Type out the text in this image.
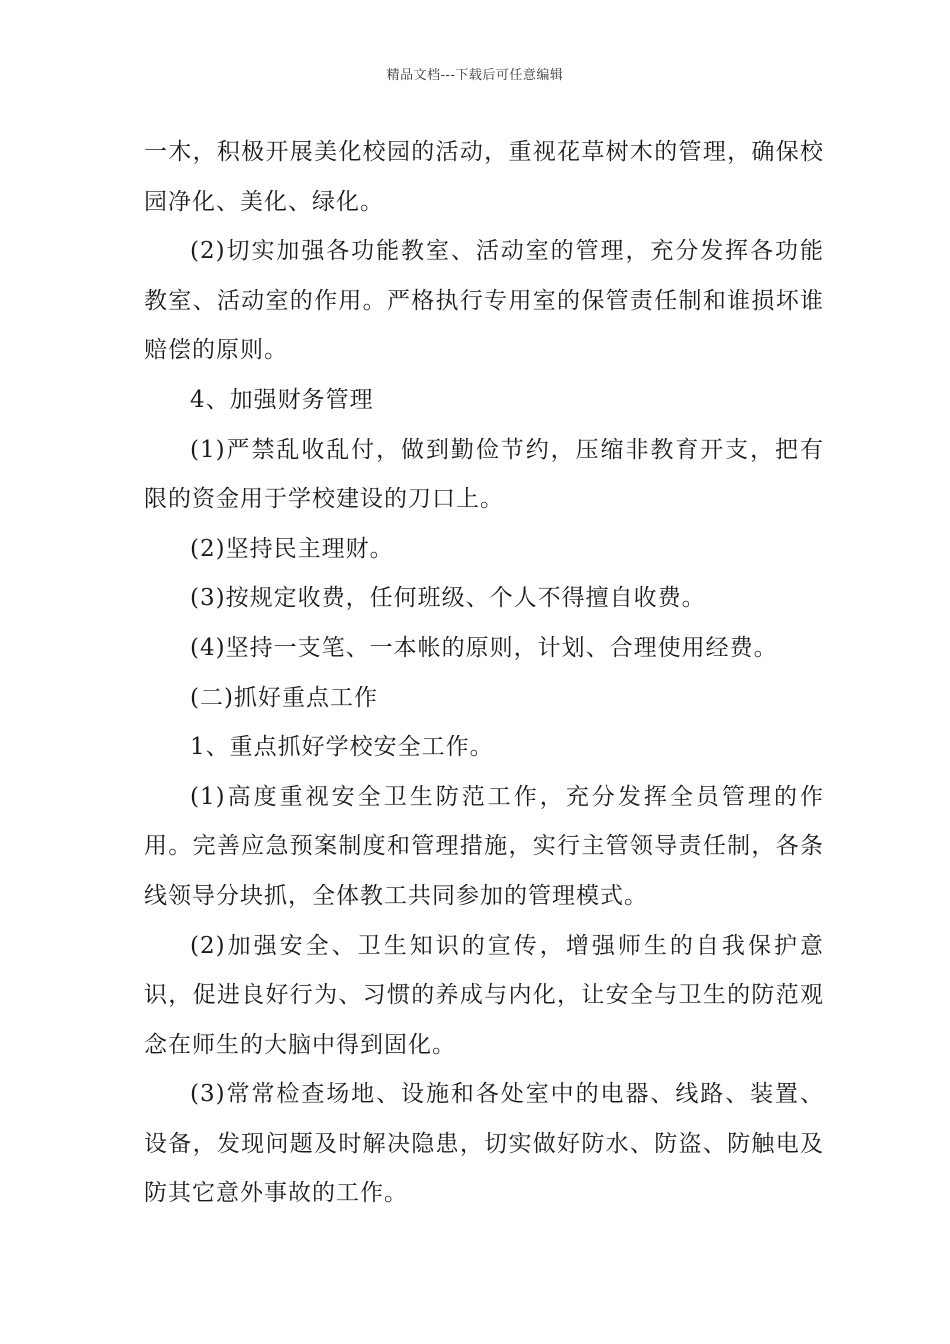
精品文档---下载后可任意编辑

一木，积极开展美化校园的活动，重视花草树木的管理，确保校园净化、美化、绿化。

(2)切实加强各功能教室、活动室的管理，充分发挥各功能教室、活动室的作用。严格执行专用室的保管责任制和谁损坏谁赔偿的原则。

4、加强财务管理

(1)严禁乱收乱付，做到勤俭节约，压缩非教育开支，把有限的资金用于学校建设的刀口上。

(2)坚持民主理财。

(3)按规定收费，任何班级、个人不得擅自收费。

(4)坚持一支笔、一本帐的原则，计划、合理使用经费。

(二)抓好重点工作

1、重点抓好学校安全工作。

(1)高度重视安全卫生防范工作，充分发挥全员管理的作用。完善应急预案制度和管理措施，实行主管领导责任制，各条线领导分块抓，全体教工共同参加的管理模式。

(2)加强安全、卫生知识的宣传，增强师生的自我保护意识，促进良好行为、习惯的养成与内化，让安全与卫生的防范观念在师生的大脑中得到固化。

(3)常常检查场地、设施和各处室中的电器、线路、装置、设备，发现问题及时解决隐患，切实做好防水、防盗、防触电及防其它意外事故的工作。
